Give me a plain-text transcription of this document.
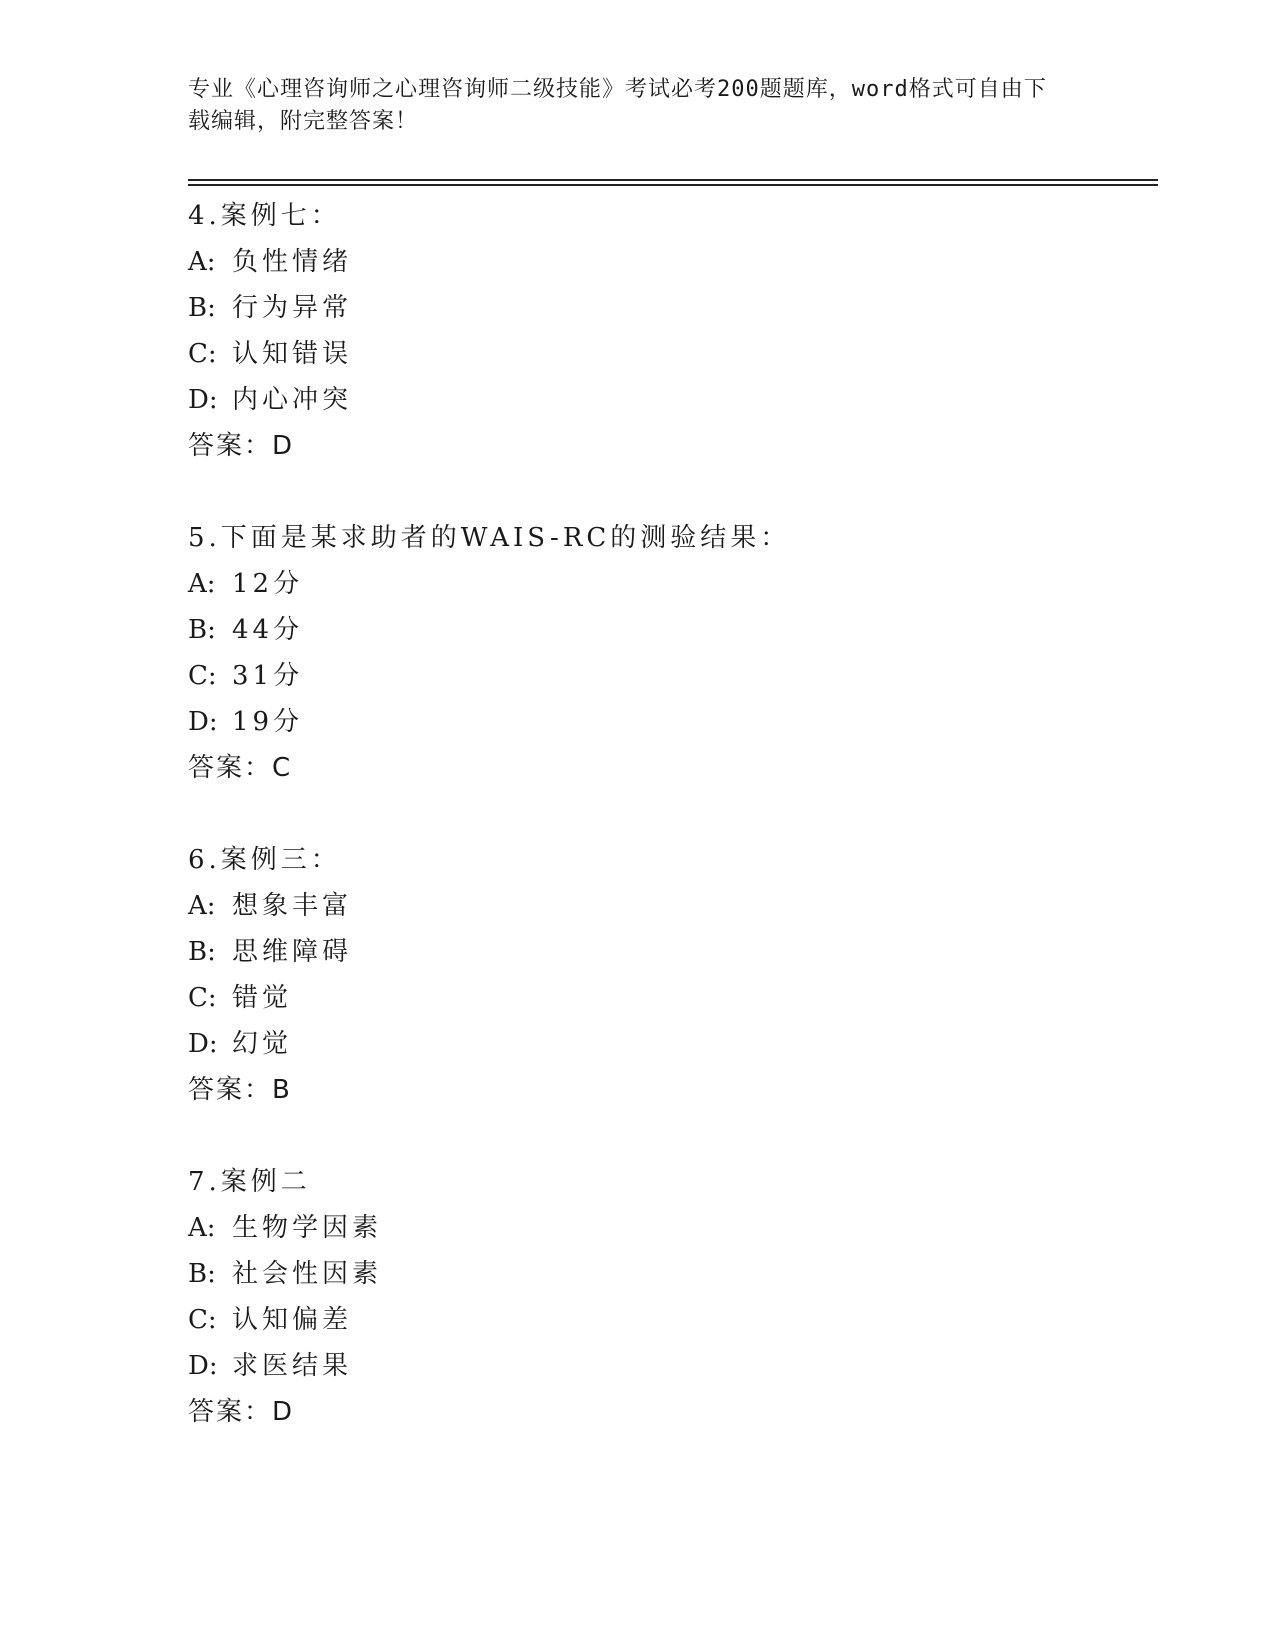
专业《心理咨询师之心理咨询师二级技能》考试必考200题题库，word格式可自由下载编辑，附完整答案！
4.案例七：
A: 负性情绪
B: 行为异常
C: 认知错误
D: 内心冲突
答案：D
5.下面是某求助者的WAIS-RC的测验结果：
A: 12分
B: 44分
C: 31分
D: 19分
答案：C
6.案例三：
A: 想象丰富
B: 思维障碍
C: 错觉
D: 幻觉
答案：B
7.案例二
A: 生物学因素
B: 社会性因素
C: 认知偏差
D: 求医结果
答案：D
